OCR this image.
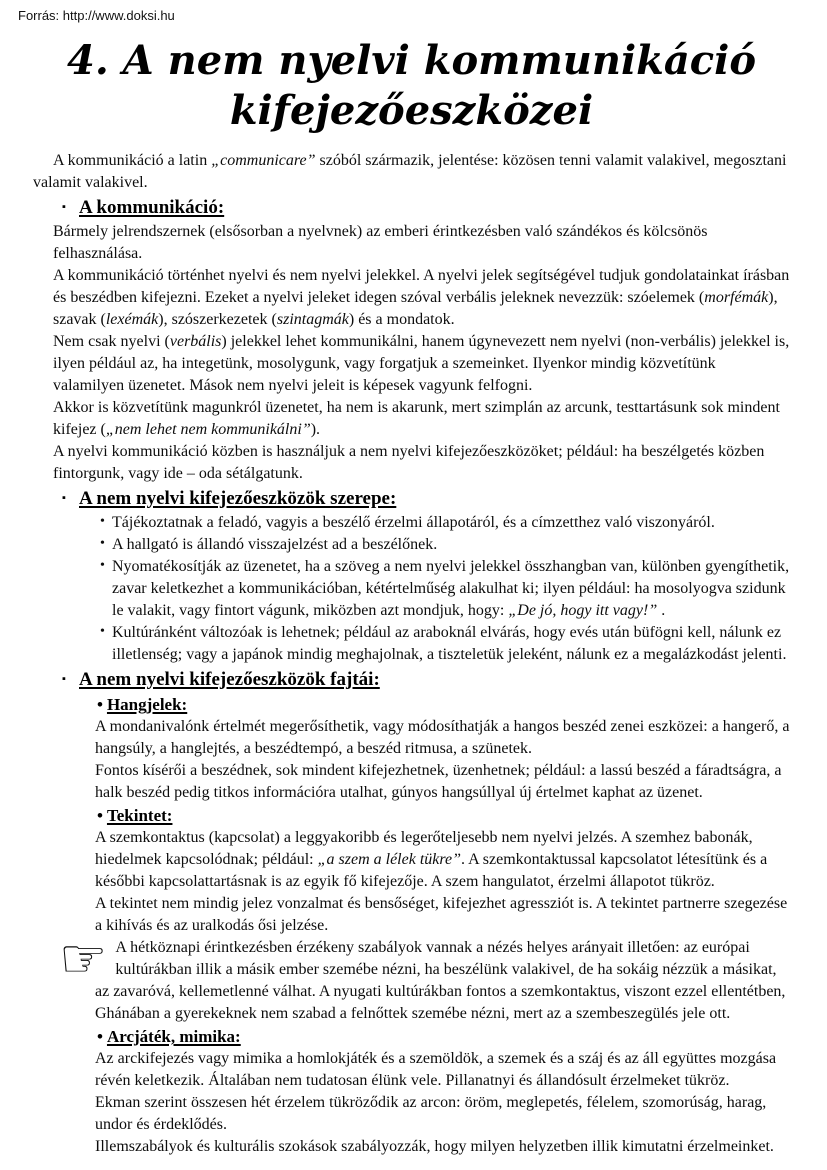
Forrás: http://www.doksi.hu
4. A nem nyelvi kommunikáció
kifejezőeszközei

A kommunikáció a latin „communicare” szóból származik, jelentése: közösen tenni valamit valakivel, megosztani valamit valakivel.

▪ A kommunikáció:

Bármely jelrendszernek (elsősorban a nyelvnek) az emberi érintkezésben való szándékos és kölcsönös felhasználása.

A kommunikáció történhet nyelvi és nem nyelvi jelekkel. A nyelvi jelek segítségével tudjuk gondolatainkat írásban és beszédben kifejezni. Ezeket a nyelvi jeleket idegen szóval verbális jeleknek nevezzük: szóelemek (morfémák), szavak (lexémák), szószerkezetek (szintagmák) és a mondatok.

Nem csak nyelvi (verbális) jelekkel lehet kommunikálni, hanem úgynevezett nem nyelvi (non-verbális) jelekkel is, ilyen például az, ha integetünk, mosolygunk, vagy forgatjuk a szemeinket. Ilyenkor mindig közvetítünk valamilyen üzenetet. Mások nem nyelvi jeleit is képesek vagyunk felfogni.

Akkor is közvetítünk magunkról üzenetet, ha nem is akarunk, mert szimplán az arcunk, testtartásunk sok mindent kifejez („nem lehet nem kommunikálni”).

A nyelvi kommunikáció közben is használjuk a nem nyelvi kifejezőeszközöket; például: ha beszélgetés közben fintorgunk, vagy ide – oda sétálgatunk.

▪ A nem nyelvi kifejezőeszközök szerepe:
• Tájékoztatnak a feladó, vagyis a beszélő érzelmi állapotáról, és a címzetthez való viszonyáról.
• A hallgató is állandó visszajelzést ad a beszélőnek.
• Nyomatékosítják az üzenetet, ha a szöveg a nem nyelvi jelekkel összhangban van, különben gyengíthetik, zavar keletkezhet a kommunikációban, kétértelműség alakulhat ki; ilyen például: ha mosolyogva szidunk le valakit, vagy fintort vágunk, miközben azt mondjuk, hogy: „De jó, hogy itt vagy!” .
• Kultúránként változóak is lehetnek; például az araboknál elvárás, hogy evés után büfögni kell, nálunk ez illetlenség; vagy a japánok mindig meghajolnak, a tiszteletük jeleként, nálunk ez a megalázkodást jelenti.
▪ A nem nyelvi kifejezőeszközök fajtái:
• Hangjelek:

A mondanivalónk értelmét megerősíthetik, vagy módosíthatják a hangos beszéd zenei eszközei: a hangerő, a hangsúly, a hanglejtés, a beszédtempó, a beszéd ritmusa, a szünetek.

Fontos kísérői a beszédnek, sok mindent kifejezhetnek, üzenhetnek; például: a lassú beszéd a fáradtságra, a halk beszéd pedig titkos információra utalhat, gúnyos hangsúllyal új értelmet kaphat az üzenet.

• Tekintet:

A szemkontaktus (kapcsolat) a leggyakoribb és legerőteljesebb nem nyelvi jelzés. A szemhez babonák, hiedelmek kapcsolódnak; például: „a szem a lélek tükre”. A szemkontaktussal kapcsolatot létesítünk és a későbbi kapcsolattartásnak is az egyik fő kifejezője. A szem hangulatot, érzelmi állapotot tükröz.

A tekintet nem mindig jelez vonzalmat és bensőséget, kifejezhet agressziót is. A tekintet partnerre szegezése a kihívás és az uralkodás ősi jelzése.

☞ A hétköznapi érintkezésben érzékeny szabályok vannak a nézés helyes arányait illetően: az európai kultúrákban illik a másik ember szemébe nézni, ha beszélünk valakivel, de ha sokáig nézzük a másikat, az zavaróvá, kellemetlenné válhat. A nyugati kultúrákban fontos a szemkontaktus, viszont ezzel ellentétben, Ghánában a gyerekeknek nem szabad a felnőttek szemébe nézni, mert az a szembeszegülés jele ott.

• Arcjáték, mimika:

Az arckifejezés vagy mimika a homlokjáték és a szemöldök, a szemek és a száj és az áll együttes mozgása révén keletkezik. Általában nem tudatosan élünk vele. Pillanatnyi és állandósult érzelmeket tükröz.

Ekman szerint összesen hét érzelem tükröződik az arcon: öröm, meglepetés, félelem, szomorúság, harag, undor és érdeklődés.

Illemszabályok és kulturális szokások szabályozzák, hogy milyen helyzetben illik kimutatni érzelmeinket.
